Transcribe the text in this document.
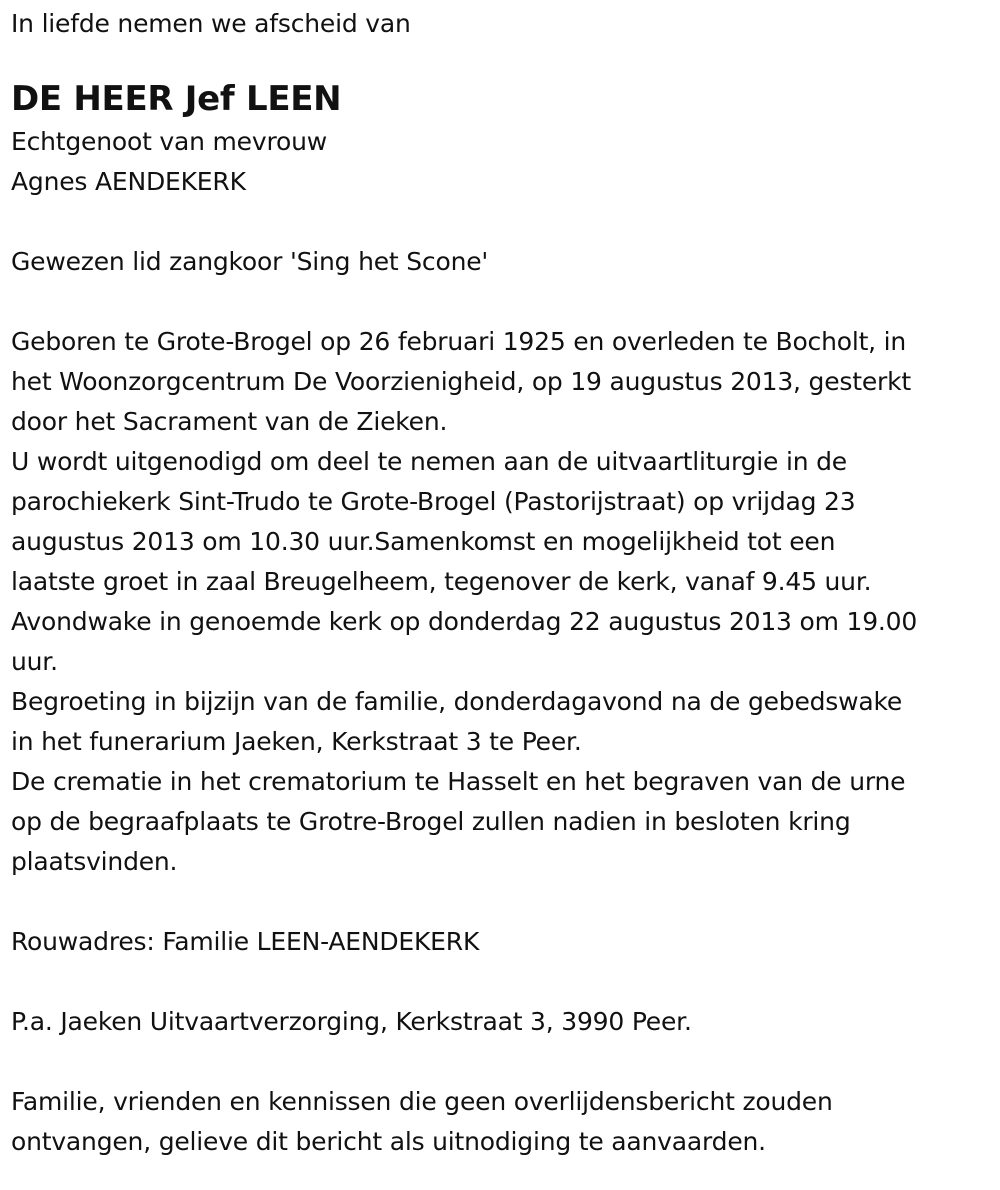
In liefde nemen we afscheid van

DE HEER Jef LEEN

Echtgenoot van mevrouw

Agnes AENDEKERK

Gewezen lid zangkoor 'Sing het Scone'

Geboren te Grote-Brogel op 26 februari 1925 en overleden te Bocholt, in

het Woonzorgcentrum De Voorzienigheid, op 19 augustus 2013, gesterkt

door het Sacrament van de Zieken.

U wordt uitgenodigd om deel te nemen aan de uitvaartliturgie in de

parochiekerk Sint-Trudo te Grote-Brogel (Pastorijstraat) op vrijdag 23

augustus 2013 om 10.30 uur.Samenkomst en mogelijkheid tot een

laatste groet in zaal Breugelheem, tegenover de kerk, vanaf 9.45 uur.

Avondwake in genoemde kerk op donderdag 22 augustus 2013 om 19.00

uur.

Begroeting in bijzijn van de familie, donderdagavond na de gebedswake

in het funerarium Jaeken, Kerkstraat 3 te Peer.

De crematie in het crematorium te Hasselt en het begraven van de urne

op de begraafplaats te Grotre-Brogel zullen nadien in besloten kring

plaatsvinden.

Rouwadres: Familie LEEN-AENDEKERK

P.a. Jaeken Uitvaartverzorging, Kerkstraat 3, 3990 Peer.

Familie, vrienden en kennissen die geen overlijdensbericht zouden

ontvangen, gelieve dit bericht als uitnodiging te aanvaarden.
